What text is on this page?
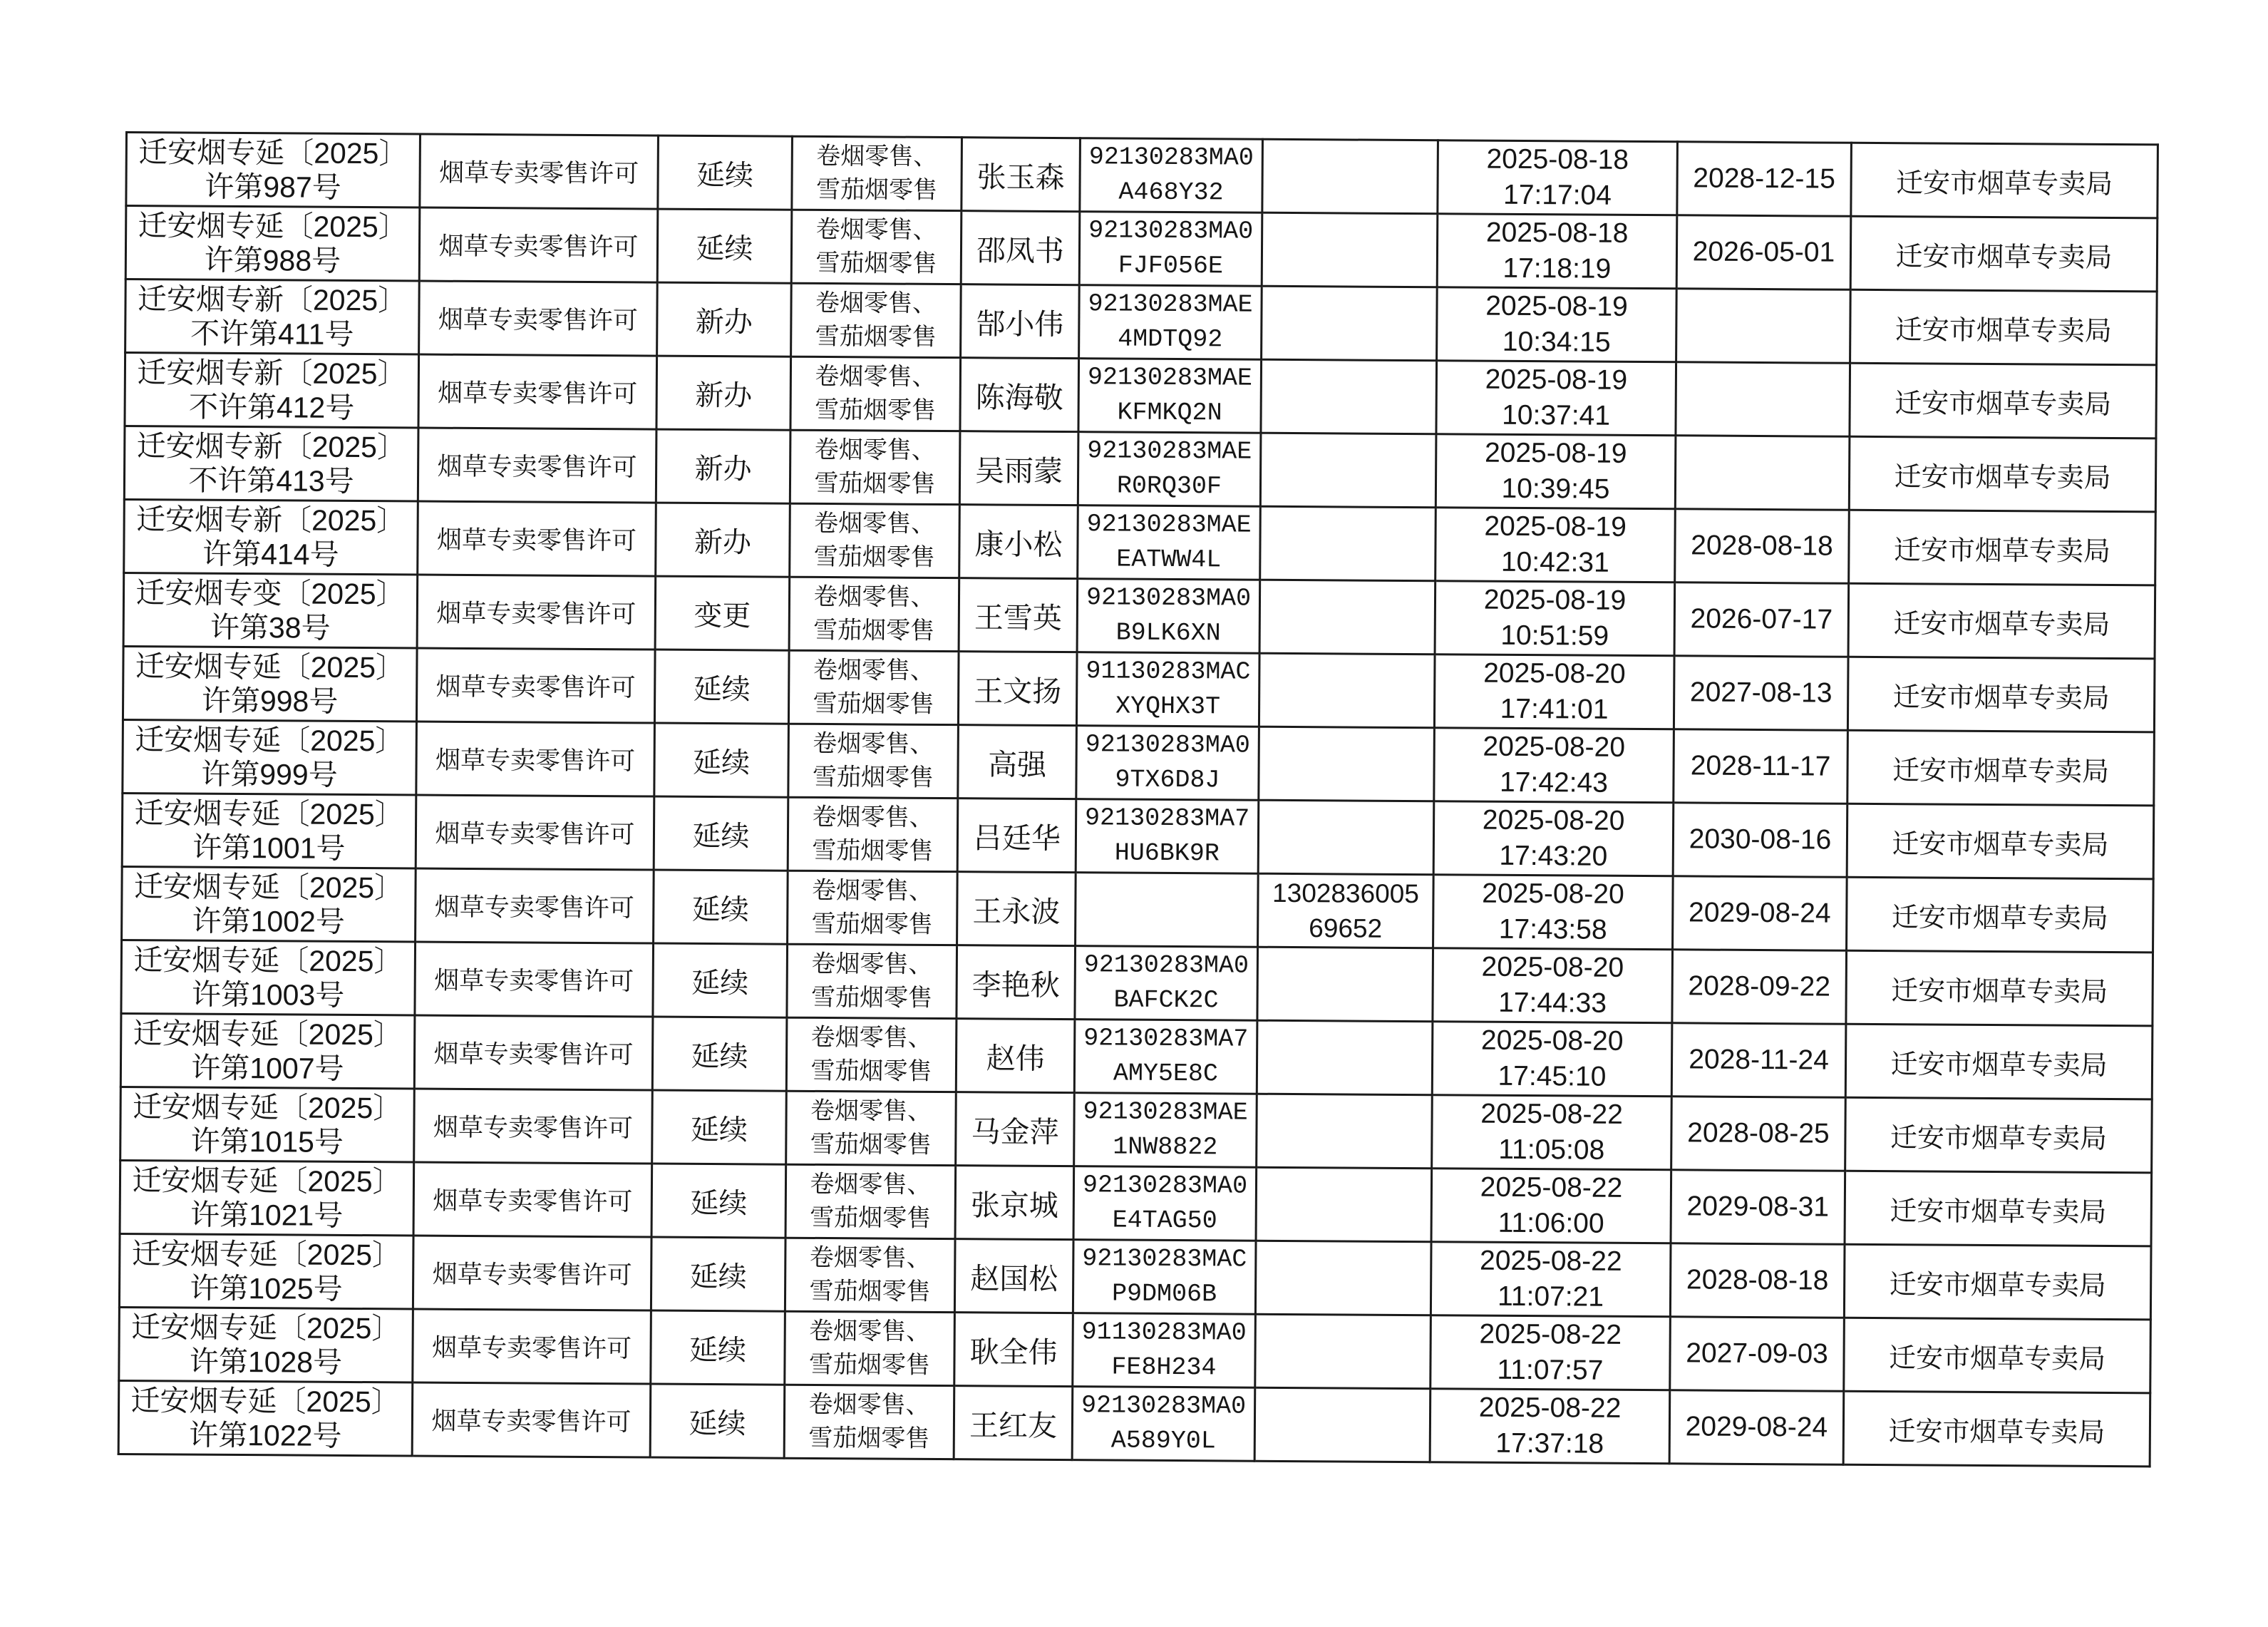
迁安烟专延〔2025〕
许第987号	烟草专卖零售许可	延续	卷烟零售、
雪茄烟零售	张玉森	92130283MA0
A468Y32		2025-08-18
17:17:04	2028-12-15	迁安市烟草专卖局

迁安烟专延〔2025〕
许第988号	烟草专卖零售许可	延续	卷烟零售、
雪茄烟零售	邵凤书	92130283MA0
FJF056E		2025-08-18
17:18:19	2026-05-01	迁安市烟草专卖局

迁安烟专新〔2025〕
不许第411号	烟草专卖零售许可	新办	卷烟零售、
雪茄烟零售	郜小伟	92130283MAE
4MDTQ92		2025-08-19
10:34:15		迁安市烟草专卖局

迁安烟专新〔2025〕
不许第412号	烟草专卖零售许可	新办	卷烟零售、
雪茄烟零售	陈海敬	92130283MAE
KFMKQ2N		2025-08-19
10:37:41		迁安市烟草专卖局

迁安烟专新〔2025〕
不许第413号	烟草专卖零售许可	新办	卷烟零售、
雪茄烟零售	吴雨蒙	92130283MAE
R0RQ30F		2025-08-19
10:39:45		迁安市烟草专卖局

迁安烟专新〔2025〕
许第414号	烟草专卖零售许可	新办	卷烟零售、
雪茄烟零售	康小松	92130283MAE
EATWW4L		2025-08-19
10:42:31	2028-08-18	迁安市烟草专卖局

迁安烟专变〔2025〕
许第38号	烟草专卖零售许可	变更	卷烟零售、
雪茄烟零售	王雪英	92130283MA0
B9LK6XN		2025-08-19
10:51:59	2026-07-17	迁安市烟草专卖局

迁安烟专延〔2025〕
许第998号	烟草专卖零售许可	延续	卷烟零售、
雪茄烟零售	王文扬	91130283MAC
XYQHX3T		2025-08-20
17:41:01	2027-08-13	迁安市烟草专卖局

迁安烟专延〔2025〕
许第999号	烟草专卖零售许可	延续	卷烟零售、
雪茄烟零售	高强	92130283MA0
9TX6D8J		2025-08-20
17:42:43	2028-11-17	迁安市烟草专卖局

迁安烟专延〔2025〕
许第1001号	烟草专卖零售许可	延续	卷烟零售、
雪茄烟零售	吕廷华	92130283MA7
HU6BK9R		2025-08-20
17:43:20	2030-08-16	迁安市烟草专卖局

迁安烟专延〔2025〕
许第1002号	烟草专卖零售许可	延续	卷烟零售、
雪茄烟零售	王永波		1302836005
69652	2025-08-20
17:43:58	2029-08-24	迁安市烟草专卖局

迁安烟专延〔2025〕
许第1003号	烟草专卖零售许可	延续	卷烟零售、
雪茄烟零售	李艳秋	92130283MA0
BAFCK2C		2025-08-20
17:44:33	2028-09-22	迁安市烟草专卖局

迁安烟专延〔2025〕
许第1007号	烟草专卖零售许可	延续	卷烟零售、
雪茄烟零售	赵伟	92130283MA7
AMY5E8C		2025-08-20
17:45:10	2028-11-24	迁安市烟草专卖局

迁安烟专延〔2025〕
许第1015号	烟草专卖零售许可	延续	卷烟零售、
雪茄烟零售	马金萍	92130283MAE
1NW8822		2025-08-22
11:05:08	2028-08-25	迁安市烟草专卖局

迁安烟专延〔2025〕
许第1021号	烟草专卖零售许可	延续	卷烟零售、
雪茄烟零售	张京城	92130283MA0
E4TAG50		2025-08-22
11:06:00	2029-08-31	迁安市烟草专卖局

迁安烟专延〔2025〕
许第1025号	烟草专卖零售许可	延续	卷烟零售、
雪茄烟零售	赵国松	92130283MAC
P9DM06B		2025-08-22
11:07:21	2028-08-18	迁安市烟草专卖局

迁安烟专延〔2025〕
许第1028号	烟草专卖零售许可	延续	卷烟零售、
雪茄烟零售	耿全伟	91130283MA0
FE8H234		2025-08-22
11:07:57	2027-09-03	迁安市烟草专卖局

迁安烟专延〔2025〕
许第1022号	烟草专卖零售许可	延续	卷烟零售、
雪茄烟零售	王红友	92130283MA0
A589Y0L		2025-08-22
17:37:18	2029-08-24	迁安市烟草专卖局
